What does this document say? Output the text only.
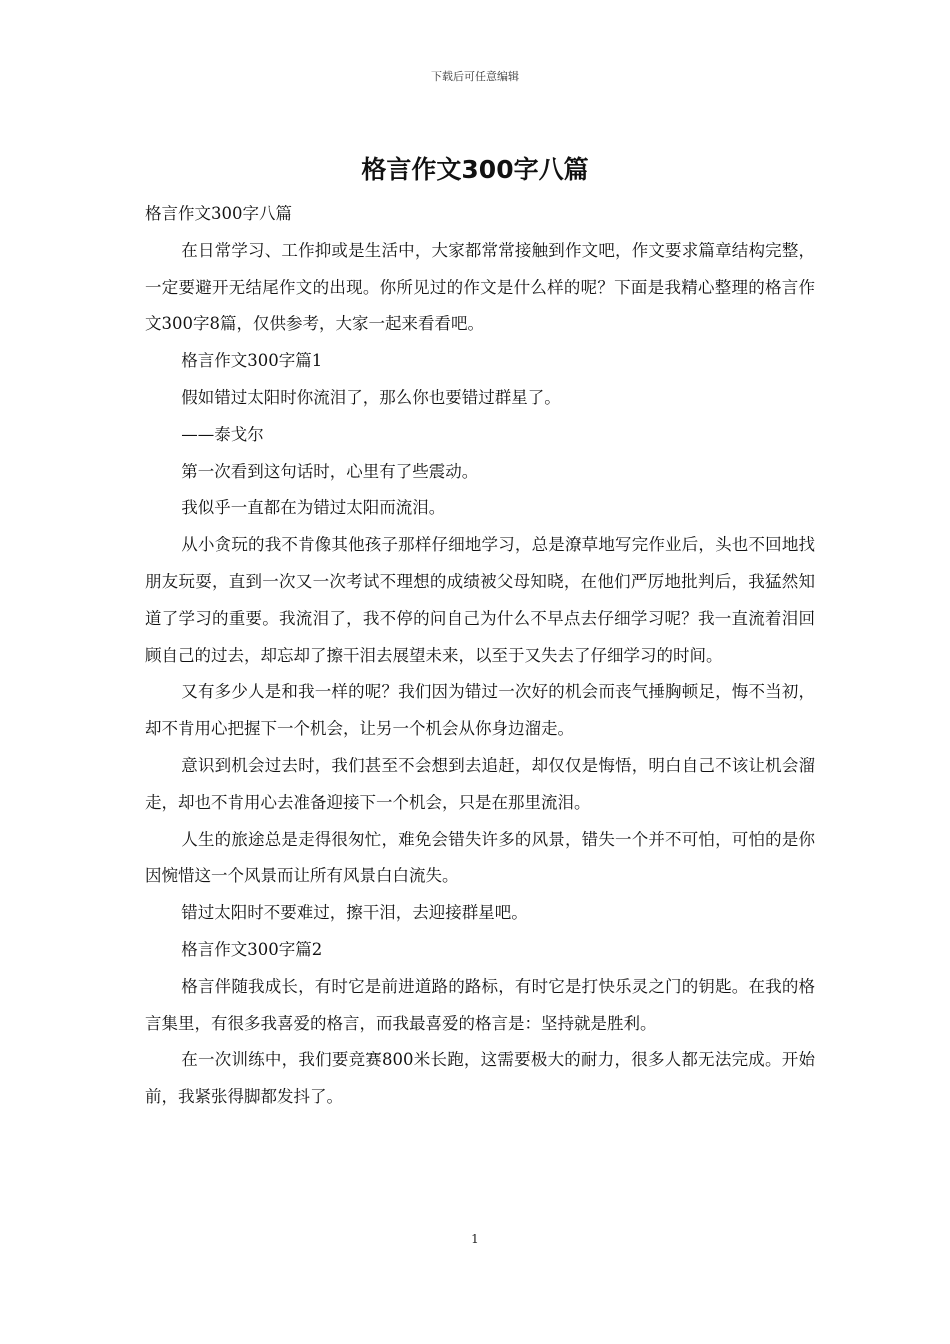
下载后可任意编辑
格言作文300字八篇

格言作文300字八篇

在日常学习、工作抑或是生活中，大家都常常接触到作文吧，作文要求篇章结构完整，一定要避开无结尾作文的出现。你所见过的作文是什么样的呢？下面是我精心整理的格言作文300字8篇，仅供参考，大家一起来看看吧。

格言作文300字篇1

假如错过太阳时你流泪了，那么你也要错过群星了。

——泰戈尔

第一次看到这句话时，心里有了些震动。

我似乎一直都在为错过太阳而流泪。

从小贪玩的我不肯像其他孩子那样仔细地学习，总是潦草地写完作业后，头也不回地找朋友玩耍，直到一次又一次考试不理想的成绩被父母知晓，在他们严厉地批判后，我猛然知道了学习的重要。我流泪了，我不停的问自己为什么不早点去仔细学习呢？我一直流着泪回顾自己的过去，却忘却了擦干泪去展望未来，以至于又失去了仔细学习的时间。

又有多少人是和我一样的呢？我们因为错过一次好的机会而丧气捶胸顿足，悔不当初，却不肯用心把握下一个机会，让另一个机会从你身边溜走。

意识到机会过去时，我们甚至不会想到去追赶，却仅仅是悔悟，明白自己不该让机会溜走，却也不肯用心去准备迎接下一个机会，只是在那里流泪。

人生的旅途总是走得很匆忙，难免会错失许多的风景，错失一个并不可怕，可怕的是你因惋惜这一个风景而让所有风景白白流失。

错过太阳时不要难过，擦干泪，去迎接群星吧。

格言作文300字篇2

格言伴随我成长，有时它是前进道路的路标，有时它是打快乐灵之门的钥匙。在我的格言集里，有很多我喜爱的格言，而我最喜爱的格言是：坚持就是胜利。

在一次训练中，我们要竞赛800米长跑，这需要极大的耐力，很多人都无法完成。开始前，我紧张得脚都发抖了。

1
